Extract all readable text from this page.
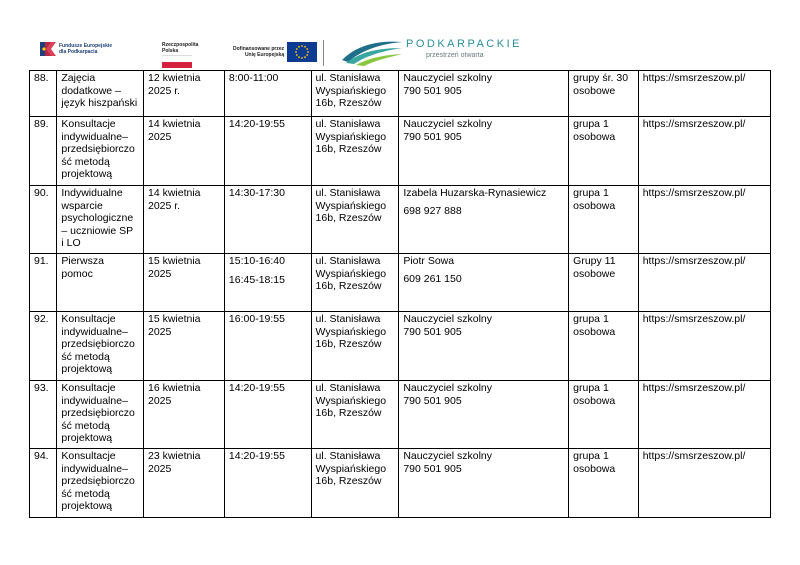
Fundusze Europejskie
dla Podkarpacia
Rzeczpospolita
Polska	Dofinansowane przez
Unię Europejską
PODKARPACKIE
przestrzeń otwarta
88.	Zajęcia
dodatkowe –
język hiszpański	12 kwietnia
2025 r.	8:00-11:00	ul. Stanisława
Wyspiańskiego
16b, Rzeszów	Nauczyciel szkolny
790 501 905	grupy śr. 30
osobowe	https://smsrzeszow.pl/

89.	Konsultacje
indywidualne–
przedsiębiorczo
ść metodą
projektową	14 kwietnia
2025	14:20-19:55	ul. Stanisława
Wyspiańskiego
16b, Rzeszów	Nauczyciel szkolny
790 501 905	grupa 1
osobowa	https://smsrzeszow.pl/

90.	Indywidualne
wsparcie
psychologiczne
– uczniowie SP
i LO	14 kwietnia
2025 r.	14:30-17:30	ul. Stanisława
Wyspiańskiego
16b, Rzeszów	Izabela Huzarska-Rynasiewicz
698 927 888	grupa 1
osobowa	https://smsrzeszow.pl/

91.	Pierwsza
pomoc	15 kwietnia
2025	15:10-16:40
16:45-18:15	ul. Stanisława
Wyspiańskiego
16b, Rzeszów	Piotr Sowa
609 261 150	Grupy 11
osobowe	https://smsrzeszow.pl/

92.	Konsultacje
indywidualne–
przedsiębiorczo
ść metodą
projektową	15 kwietnia
2025	16:00-19:55	ul. Stanisława
Wyspiańskiego
16b, Rzeszów	Nauczyciel szkolny
790 501 905	grupa 1
osobowa	https://smsrzeszow.pl/

93.	Konsultacje
indywidualne–
przedsiębiorczo
ść metodą
projektową	16 kwietnia
2025	14:20-19:55	ul. Stanisława
Wyspiańskiego
16b, Rzeszów	Nauczyciel szkolny
790 501 905	grupa 1
osobowa	https://smsrzeszow.pl/

94.	Konsultacje
indywidualne–
przedsiębiorczo
ść metodą
projektową	23 kwietnia
2025	14:20-19:55	ul. Stanisława
Wyspiańskiego
16b, Rzeszów	Nauczyciel szkolny
790 501 905	grupa 1
osobowa	https://smsrzeszow.pl/
